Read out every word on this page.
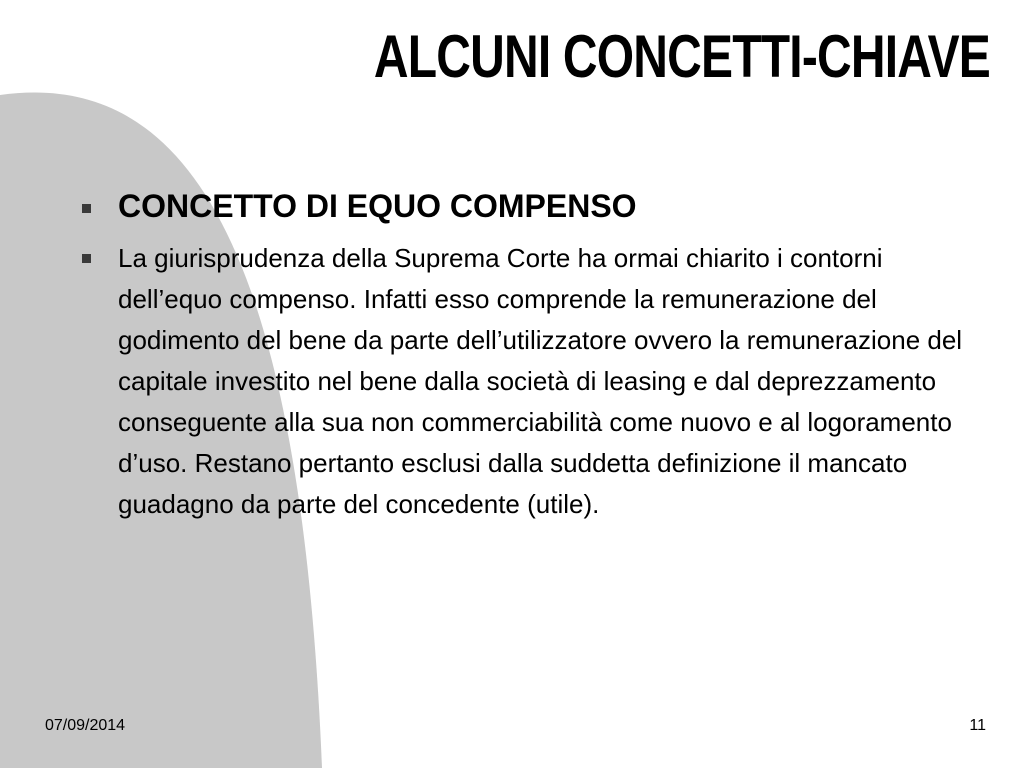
ALCUNI CONCETTI-CHIAVE
CONCETTO DI EQUO COMPENSO
La giurisprudenza della Suprema Corte ha ormai chiarito i contorni dell’equo compenso. Infatti esso comprende la remunerazione del godimento del bene da parte dell’utilizzatore ovvero la remunerazione del capitale investito nel bene dalla società di leasing e dal deprezzamento conseguente alla sua non commerciabilità come nuovo e al logoramento d’uso. Restano pertanto esclusi dalla suddetta definizione il mancato guadagno da parte del concedente (utile).
07/09/2014	11
